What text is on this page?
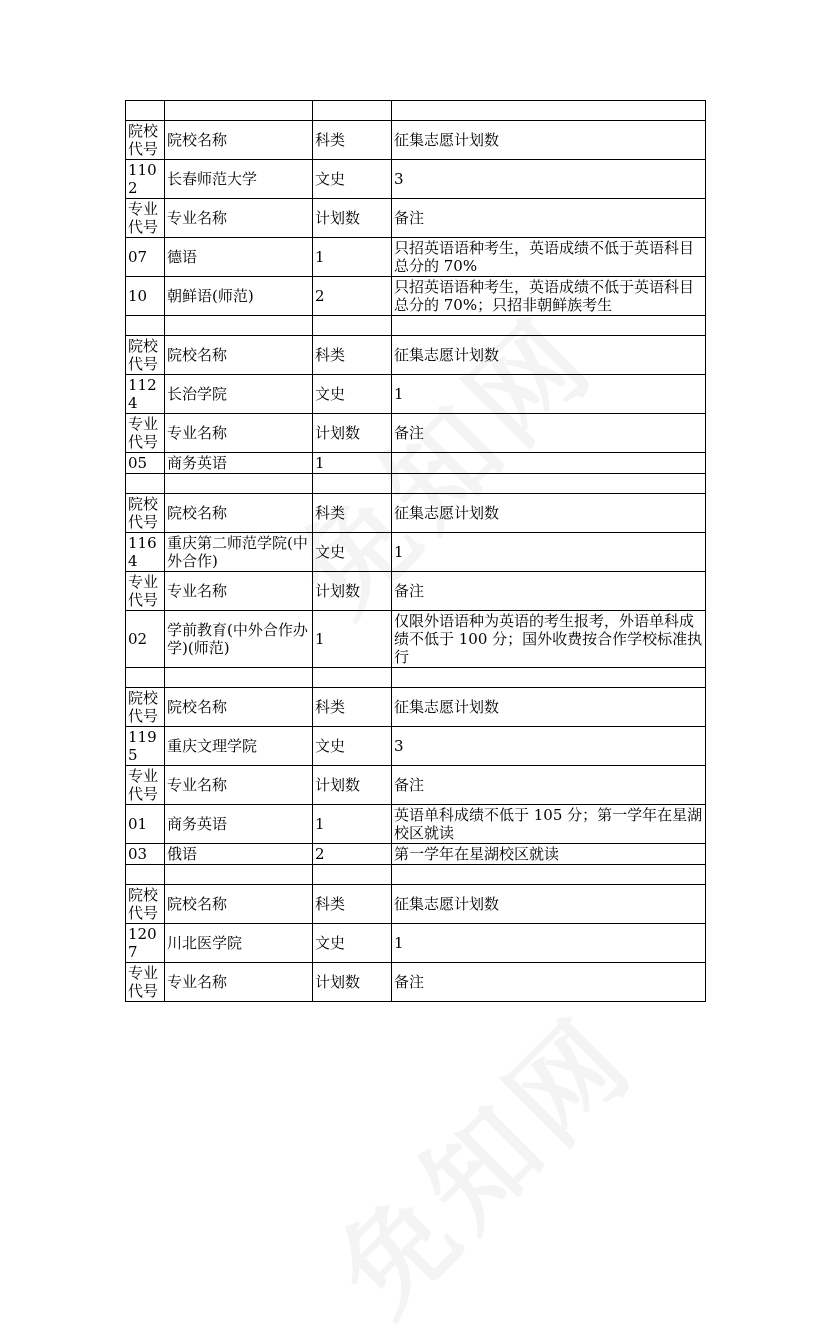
院校代号	院校名称	科类	征集志愿计划数
1102	长春师范大学	文史	3
专业代号	专业名称	计划数	备注
07	德语	1	只招英语语种考生，英语成绩不低于英语科目总分的 70%
10	朝鲜语(师范)	2	只招英语语种考生，英语成绩不低于英语科目总分的 70%；只招非朝鲜族考生

院校代号	院校名称	科类	征集志愿计划数
1124	长治学院	文史	1
专业代号	专业名称	计划数	备注
05	商务英语	1	

院校代号	院校名称	科类	征集志愿计划数
1164	重庆第二师范学院(中外合作)	文史	1
专业代号	专业名称	计划数	备注
02	学前教育(中外合作办学)(师范)	1	仅限外语语种为英语的考生报考，外语单科成绩不低于 100 分；国外收费按合作学校标准执行

院校代号	院校名称	科类	征集志愿计划数
1195	重庆文理学院	文史	3
专业代号	专业名称	计划数	备注
01	商务英语	1	英语单科成绩不低于 105 分；第一学年在星湖校区就读
03	俄语	2	第一学年在星湖校区就读

院校代号	院校名称	科类	征集志愿计划数
1207	川北医学院	文史	1
专业代号	专业名称	计划数	备注
